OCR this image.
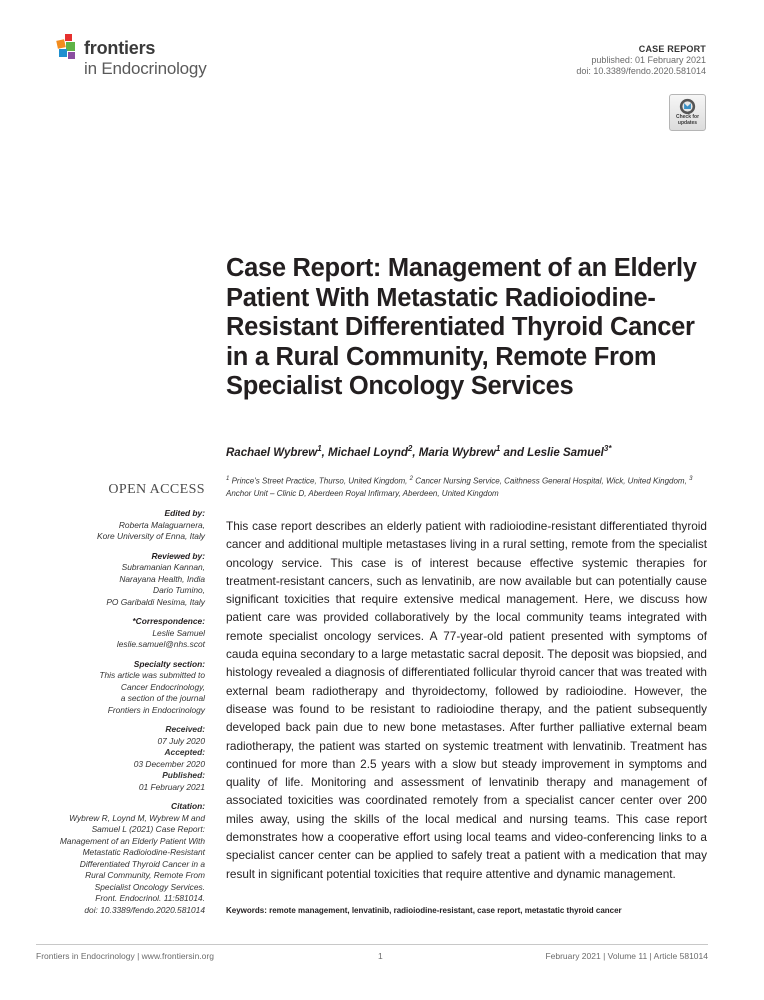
frontiers
in Endocrinology
CASE REPORT
published: 01 February 2021
doi: 10.3389/fendo.2020.581014
Check for
updates
Case Report: Management of an Elderly Patient With Metastatic Radioiodine-Resistant Differentiated Thyroid Cancer in a Rural Community, Remote From Specialist Oncology Services
Rachael Wybrew$^1$, Michael Loynd$^2$, Maria Wybrew$^1$ and Leslie Samuel$^{3*}$
$^1$ Prince's Street Practice, Thurso, United Kingdom, $^2$ Cancer Nursing Service, Caithness General Hospital, Wick, United Kingdom, $^3$ Anchor Unit – Clinic D, Aberdeen Royal Infirmary, Aberdeen, United Kingdom
OPEN ACCESS
Edited by:
Roberta Malaguarnera,
Kore University of Enna, Italy
Reviewed by:
Subramanian Kannan,
Narayana Health, India
Dario Tumino,
PO Garibaldi Nesima, Italy
*Correspondence:
Leslie Samuel
leslie.samuel@nhs.scot
Specialty section:
This article was submitted to
Cancer Endocrinology,
a section of the journal
Frontiers in Endocrinology
Received:
07 July 2020
Accepted:
03 December 2020
Published:
01 February 2021
Citation:
Wybrew R, Loynd M, Wybrew M and
Samuel L (2021) Case Report:
Management of an Elderly Patient With
Metastatic Radioiodine-Resistant
Differentiated Thyroid Cancer in a
Rural Community, Remote From
Specialist Oncology Services.
Front. Endocrinol. 11:581014.
doi: 10.3389/fendo.2020.581014

This case report describes an elderly patient with radioiodine-resistant differentiated thyroid cancer and additional multiple metastases living in a rural setting, remote from the specialist oncology service. This case is of interest because effective systemic therapies for treatment-resistant cancers, such as lenvatinib, are now available but can potentially cause significant toxicities that require extensive medical management. Here, we discuss how patient care was provided collaboratively by the local community teams integrated with remote specialist oncology services. A 77-year-old patient presented with symptoms of cauda equina secondary to a large metastatic sacral deposit. The deposit was biopsied, and histology revealed a diagnosis of differentiated follicular thyroid cancer that was treated with external beam radiotherapy and thyroidectomy, followed by radioiodine. However, the disease was found to be resistant to radioiodine therapy, and the patient subsequently developed back pain due to new bone metastases. After further palliative external beam radiotherapy, the patient was started on systemic treatment with lenvatinib. Treatment has continued for more than 2.5 years with a slow but steady improvement in symptoms and quality of life. Monitoring and assessment of lenvatinib therapy and management of associated toxicities was coordinated remotely from a specialist cancer center over 200 miles away, using the skills of the local medical and nursing teams. This case report demonstrates how a cooperative effort using local teams and video-conferencing links to a specialist cancer center can be applied to safely treat a patient with a medication that may result in significant potential toxicities that require attentive and dynamic management.

Keywords: remote management, lenvatinib, radioiodine-resistant, case report, metastatic thyroid cancer
Frontiers in Endocrinology | www.frontiersin.org	1	February 2021 | Volume 11 | Article 581014
